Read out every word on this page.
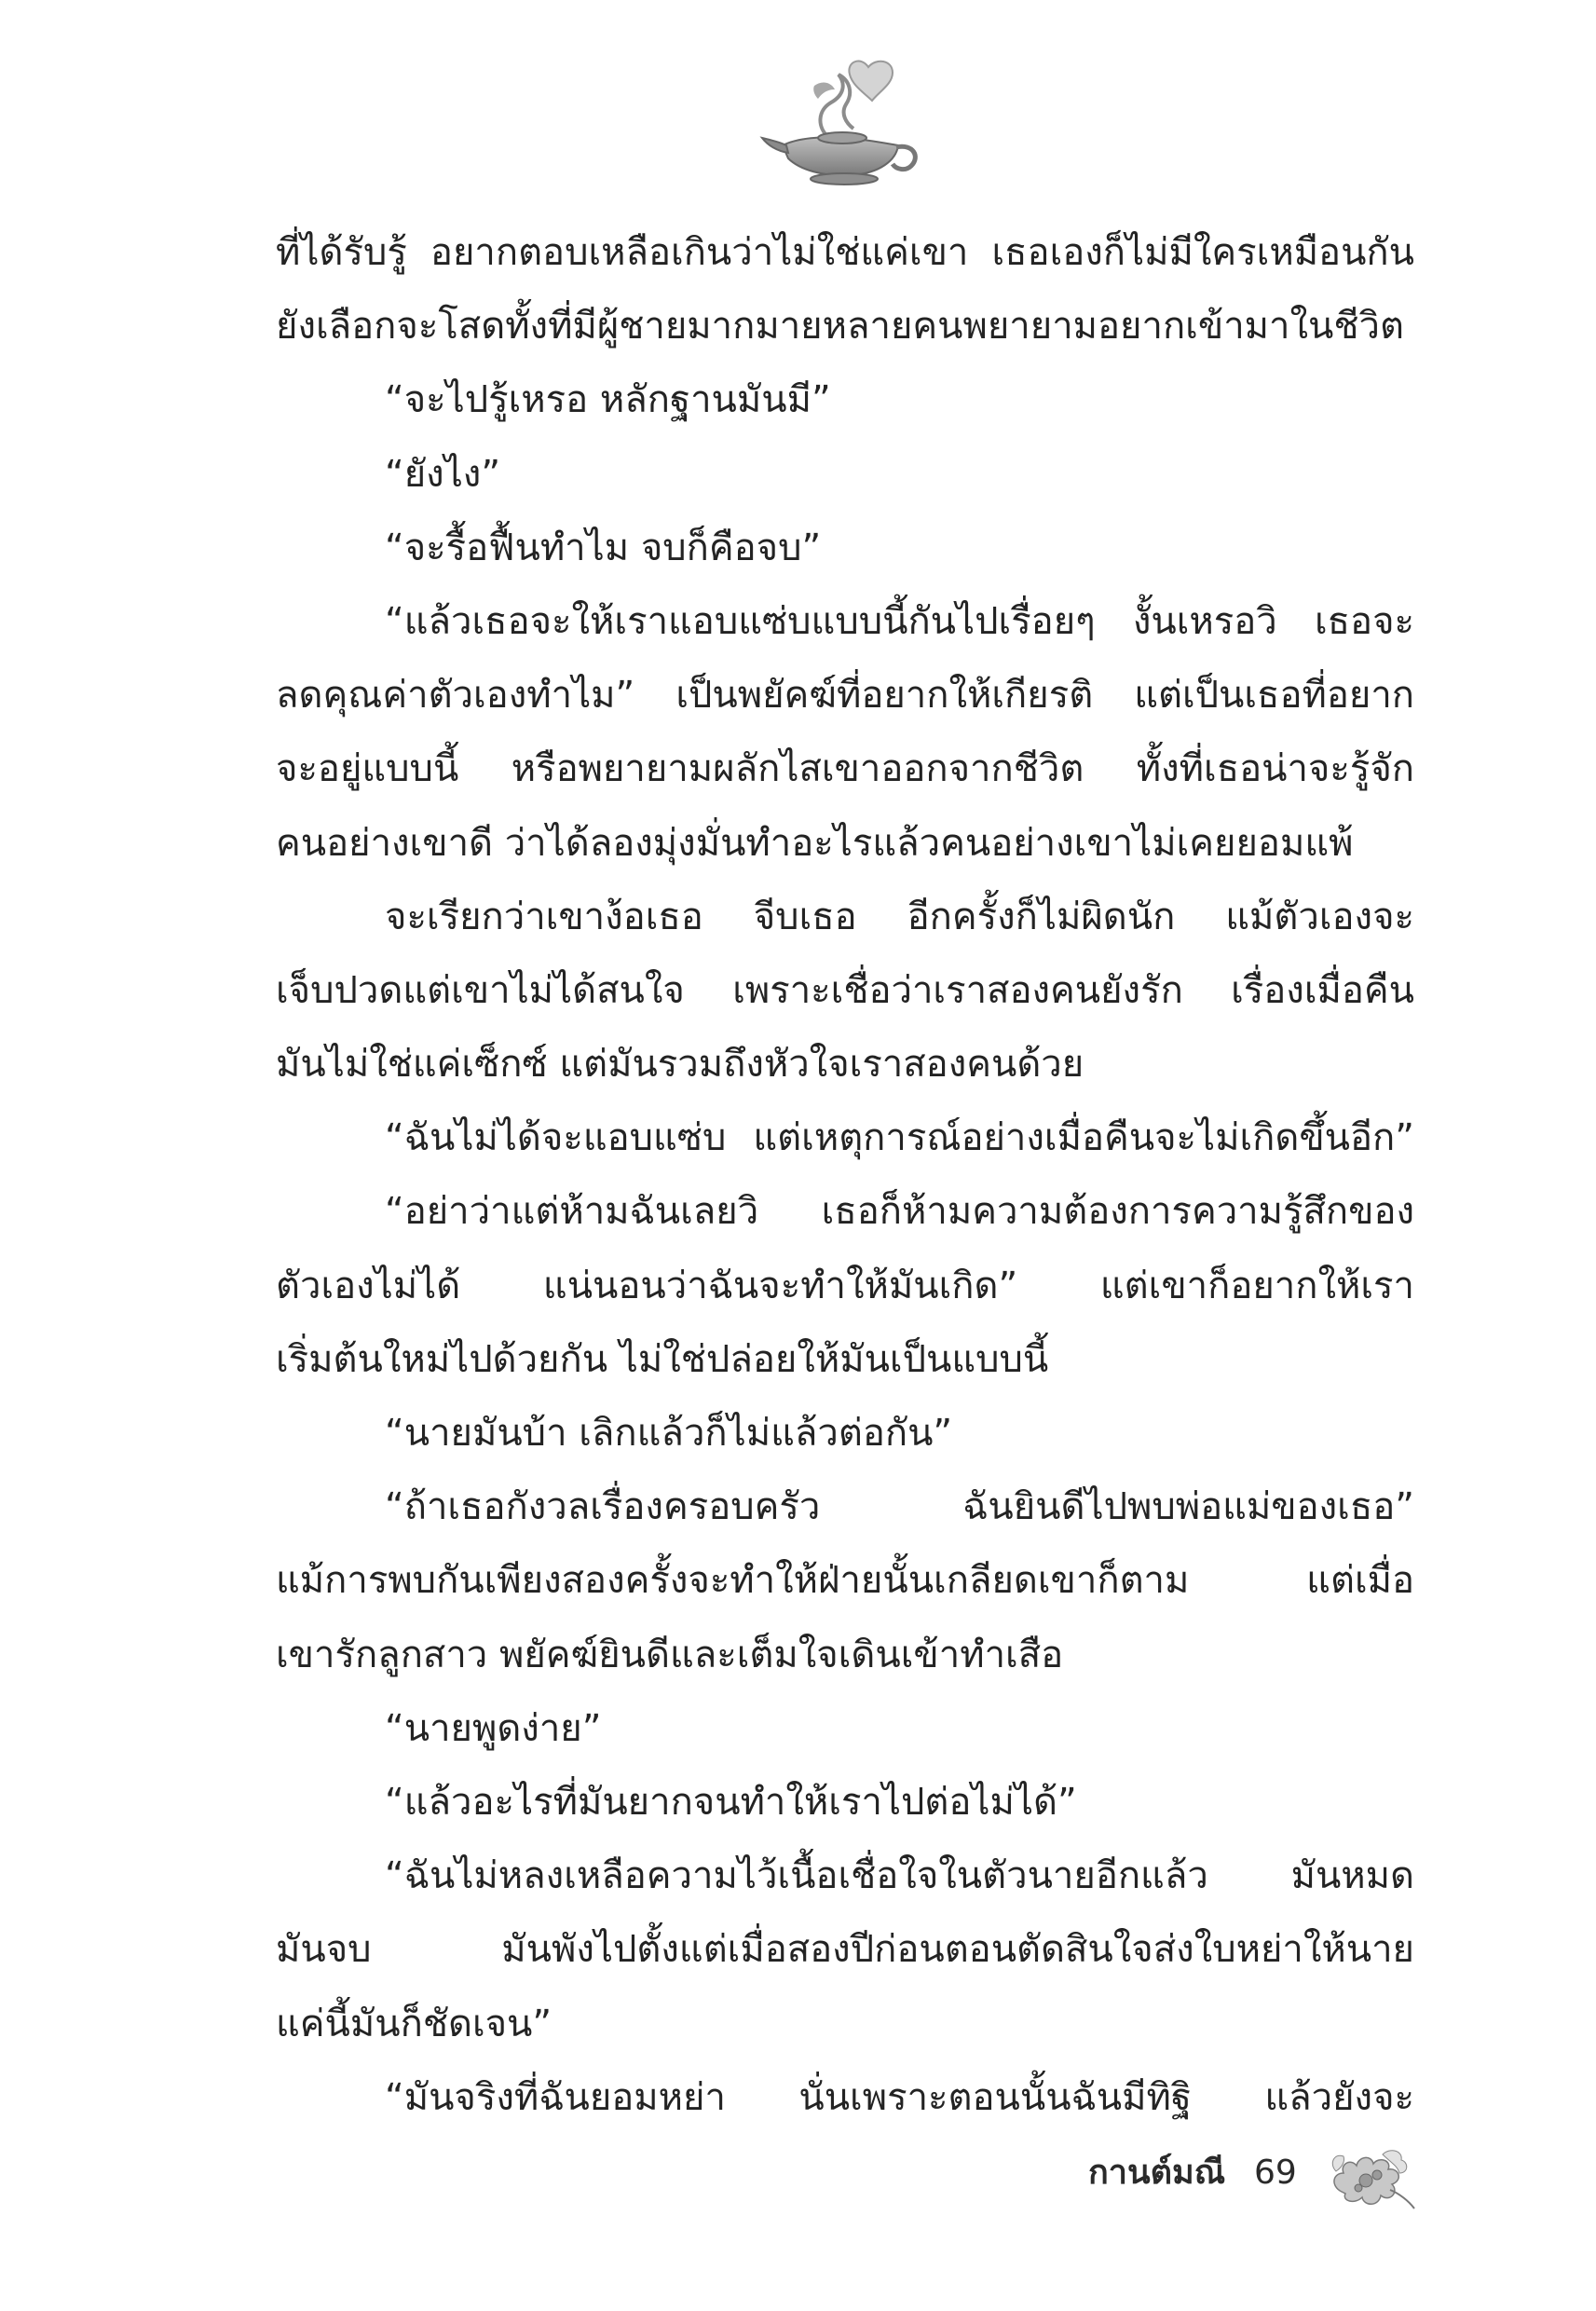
ที่ได้รับรู้ อยากตอบเหลือเกินว่าไม่ใช่แค่เขา เธอเองก็ไม่มีใครเหมือนกัน
ยังเลือกจะโสดทั้งที่มีผู้ชายมากมายหลายคนพยายามอยากเข้ามาในชีวิต
“จะไปรู้เหรอ หลักฐานมันมี”
“ยังไง”
“จะรื้อฟื้นทำไม จบก็คือจบ”
“แล้วเธอจะให้เราแอบแซ่บแบบนี้กันไปเรื่อยๆ งั้นเหรอวิ เธอจะ
ลดคุณค่าตัวเองทำไม” เป็นพยัคฆ์ที่อยากให้เกียรติ แต่เป็นเธอที่อยาก
จะอยู่แบบนี้ หรือพยายามผลักไสเขาออกจากชีวิต ทั้งที่เธอน่าจะรู้จัก
คนอย่างเขาดี ว่าได้ลองมุ่งมั่นทำอะไรแล้วคนอย่างเขาไม่เคยยอมแพ้
จะเรียกว่าเขาง้อเธอ จีบเธอ อีกครั้งก็ไม่ผิดนัก แม้ตัวเองจะ
เจ็บปวดแต่เขาไม่ได้สนใจ เพราะเชื่อว่าเราสองคนยังรัก เรื่องเมื่อคืน
มันไม่ใช่แค่เซ็กซ์ แต่มันรวมถึงหัวใจเราสองคนด้วย
“ฉันไม่ได้จะแอบแซ่บ แต่เหตุการณ์อย่างเมื่อคืนจะไม่เกิดขึ้นอีก”
“อย่าว่าแต่ห้ามฉันเลยวิ เธอก็ห้ามความต้องการความรู้สึกของ
ตัวเองไม่ได้ แน่นอนว่าฉันจะทำให้มันเกิด” แต่เขาก็อยากให้เรา
เริ่มต้นใหม่ไปด้วยกัน ไม่ใช่ปล่อยให้มันเป็นแบบนี้
“นายมันบ้า เลิกแล้วก็ไม่แล้วต่อกัน”
“ถ้าเธอกังวลเรื่องครอบครัว ฉันยินดีไปพบพ่อแม่ของเธอ”
แม้การพบกันเพียงสองครั้งจะทำให้ฝ่ายนั้นเกลียดเขาก็ตาม แต่เมื่อ
เขารักลูกสาว พยัคฆ์ยินดีและเต็มใจเดินเข้าทำเสือ
“นายพูดง่าย”
“แล้วอะไรที่มันยากจนทำให้เราไปต่อไม่ได้”
“ฉันไม่หลงเหลือความไว้เนื้อเชื่อใจในตัวนายอีกแล้ว มันหมด
มันจบ มันพังไปตั้งแต่เมื่อสองปีก่อนตอนตัดสินใจส่งใบหย่าให้นาย
แค่นี้มันก็ชัดเจน”
“มันจริงที่ฉันยอมหย่า นั่นเพราะตอนนั้นฉันมีทิฐิ แล้วยังจะ
กานต์มณี 69
